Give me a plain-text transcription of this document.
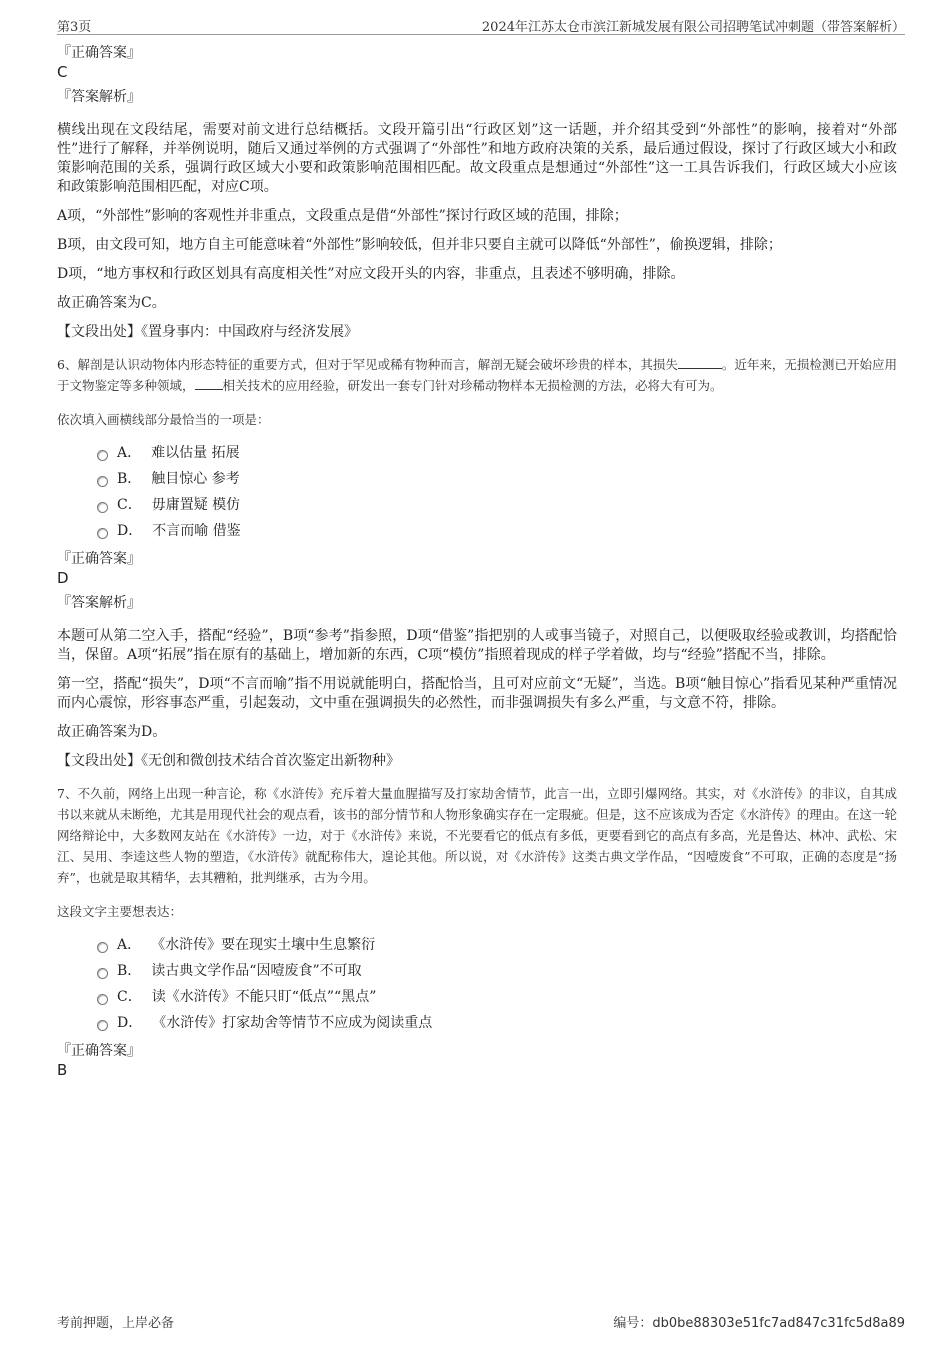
第3页	2024年江苏太仓市滨江新城发展有限公司招聘笔试冲刺题（带答案解析）
『正确答案』
C
『答案解析』

横线出现在文段结尾，需要对前文进行总结概括。文段开篇引出“行政区划”这一话题，并介绍其受到“外部性”的影响，接着对“外部性”进行了解释，并举例说明，随后又通过举例的方式强调了“外部性”和地方政府决策的关系，最后通过假设，探讨了行政区域大小和政策影响范围的关系，强调行政区域大小要和政策影响范围相匹配。故文段重点是想通过“外部性”这一工具告诉我们，行政区域大小应该和政策影响范围相匹配，对应C项。

A项，“外部性”影响的客观性并非重点，文段重点是借“外部性”探讨行政区域的范围，排除；

B项，由文段可知，地方自主可能意味着“外部性”影响较低，但并非只要自主就可以降低“外部性”，偷换逻辑，排除；

D项，“地方事权和行政区划具有高度相关性”对应文段开头的内容，非重点，且表述不够明确，排除。

故正确答案为C。

【文段出处】《置身事内：中国政府与经济发展》

6、解剖是认识动物体内形态特征的重要方式，但对于罕见或稀有物种而言，解剖无疑会破坏珍贵的样本，其损失	。近年来，无损检测已开始应用于文物鉴定等多种领域， 相关技术的应用经验，研发出一套专门针对珍稀动物样本无损检测的方法，必将大有可为。

依次填入画横线部分最恰当的一项是：
A． 难以估量 拓展
B． 触目惊心 参考
C． 毋庸置疑 模仿
D． 不言而喻 借鉴
『正确答案』
D
『答案解析』

本题可从第二空入手，搭配“经验”，B项“参考”指参照，D项“借鉴”指把别的人或事当镜子，对照自己，以便吸取经验或教训，均搭配恰当，保留。A项“拓展”指在原有的基础上，增加新的东西，C项“模仿”指照着现成的样子学着做，均与“经验”搭配不当，排除。

第一空，搭配“损失”，D项“不言而喻”指不用说就能明白，搭配恰当，且可对应前文“无疑”，当选。B项“触目惊心”指看见某种严重情况而内心震惊，形容事态严重，引起轰动，文中重在强调损失的必然性，而非强调损失有多么严重，与文意不符，排除。

故正确答案为D。

【文段出处】《无创和微创技术结合首次鉴定出新物种》

7、不久前，网络上出现一种言论，称《水浒传》充斥着大量血腥描写及打家劫舍情节，此言一出，立即引爆网络。其实，对《水浒传》的非议，自其成书以来就从未断绝，尤其是用现代社会的观点看，该书的部分情节和人物形象确实存在一定瑕疵。但是，这不应该成为否定《水浒传》的理由。在这一轮网络辩论中，大多数网友站在《水浒传》一边，对于《水浒传》来说，不光要看它的低点有多低，更要看到它的高点有多高，光是鲁达、林冲、武松、宋江、吴用、李逵这些人物的塑造，《水浒传》就配称伟大，遑论其他。所以说，对《水浒传》这类古典文学作品，“因噎废食”不可取，正确的态度是“扬弃”，也就是取其精华，去其糟粕，批判继承，古为今用。

这段文字主要想表达：
A． 《水浒传》要在现实土壤中生息繁衍
B． 读古典文学作品“因噎废食”不可取
C． 读《水浒传》不能只盯“低点”“黑点”
D． 《水浒传》打家劫舍等情节不应成为阅读重点
『正确答案』
B
考前押题，上岸必备	编号：db0be88303e51fc7ad847c31fc5d8a89
